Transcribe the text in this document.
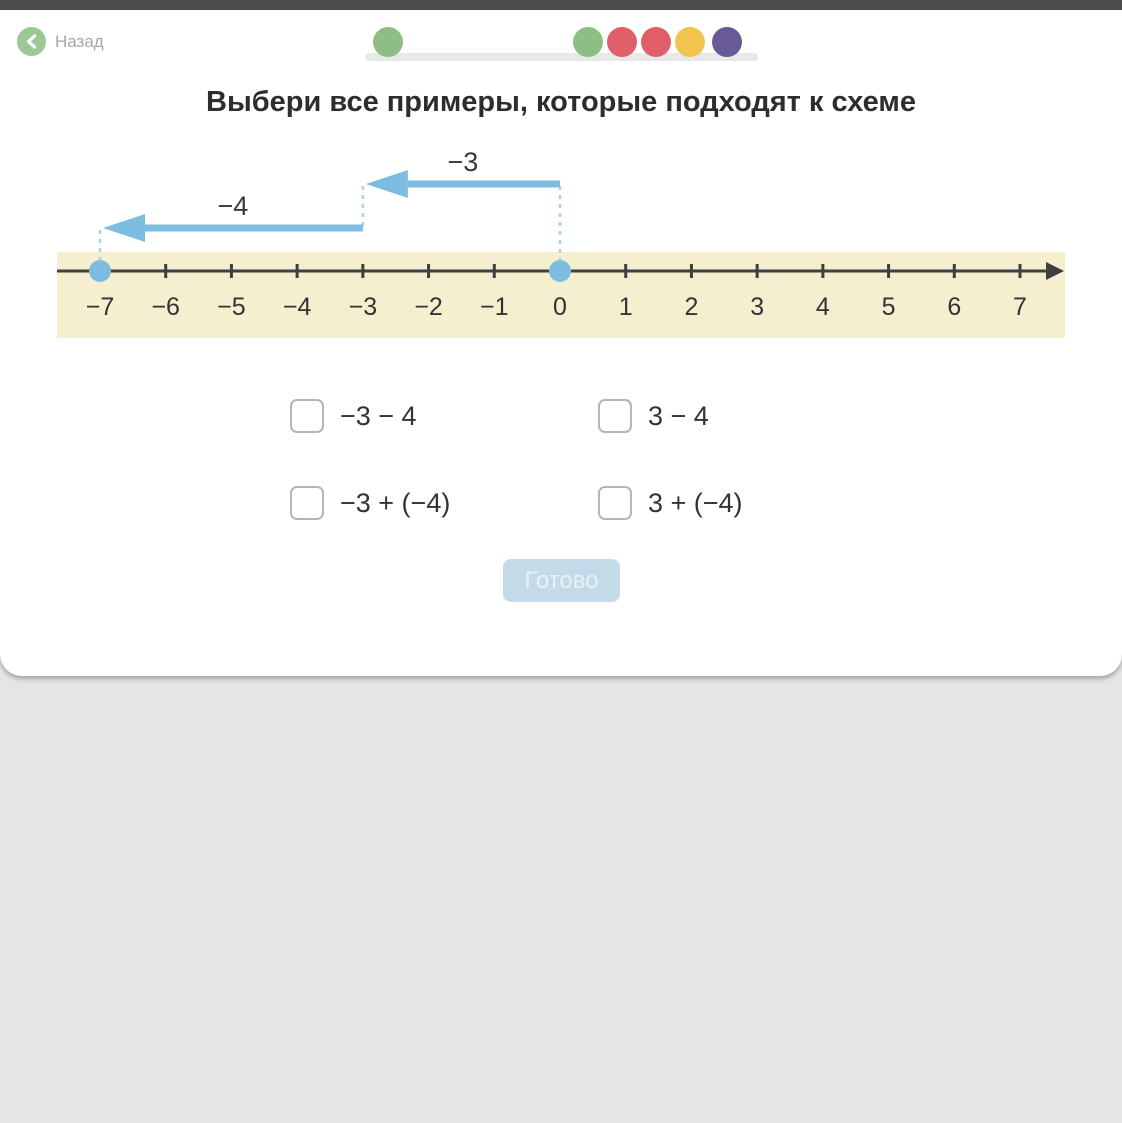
Назад
Выбери все примеры, которые подходят к схеме
−7 −6 −5 −4 −3 −2 −1 0 1 2 3 4 5 6 7
−3
−4
−3 − 4	3 − 4
−3 + (−4)	3 + (−4)
Готово
